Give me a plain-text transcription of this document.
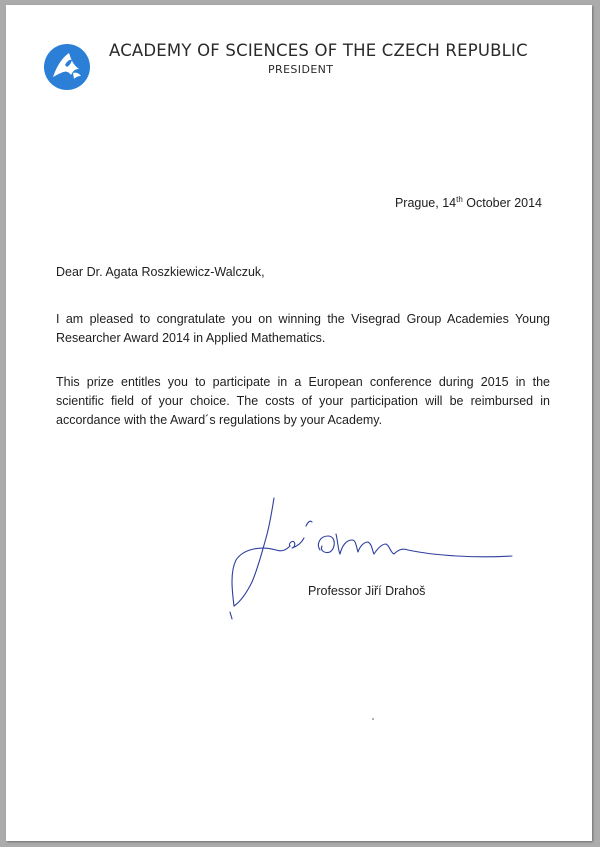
ACADEMY OF SCIENCES OF THE CZECH REPUBLIC
PRESIDENT
Prague, 14th October 2014
Dear Dr. Agata Roszkiewicz-Walczuk,

I am pleased to congratulate you on winning the Visegrad Group Academies Young Researcher Award 2014 in Applied Mathematics.

This prize entitles you to participate in a European conference during 2015 in the scientific field of your choice. The costs of your participation will be reimbursed in accordance with the Award´s regulations by your Academy.

Professor Jiří Drahoš
